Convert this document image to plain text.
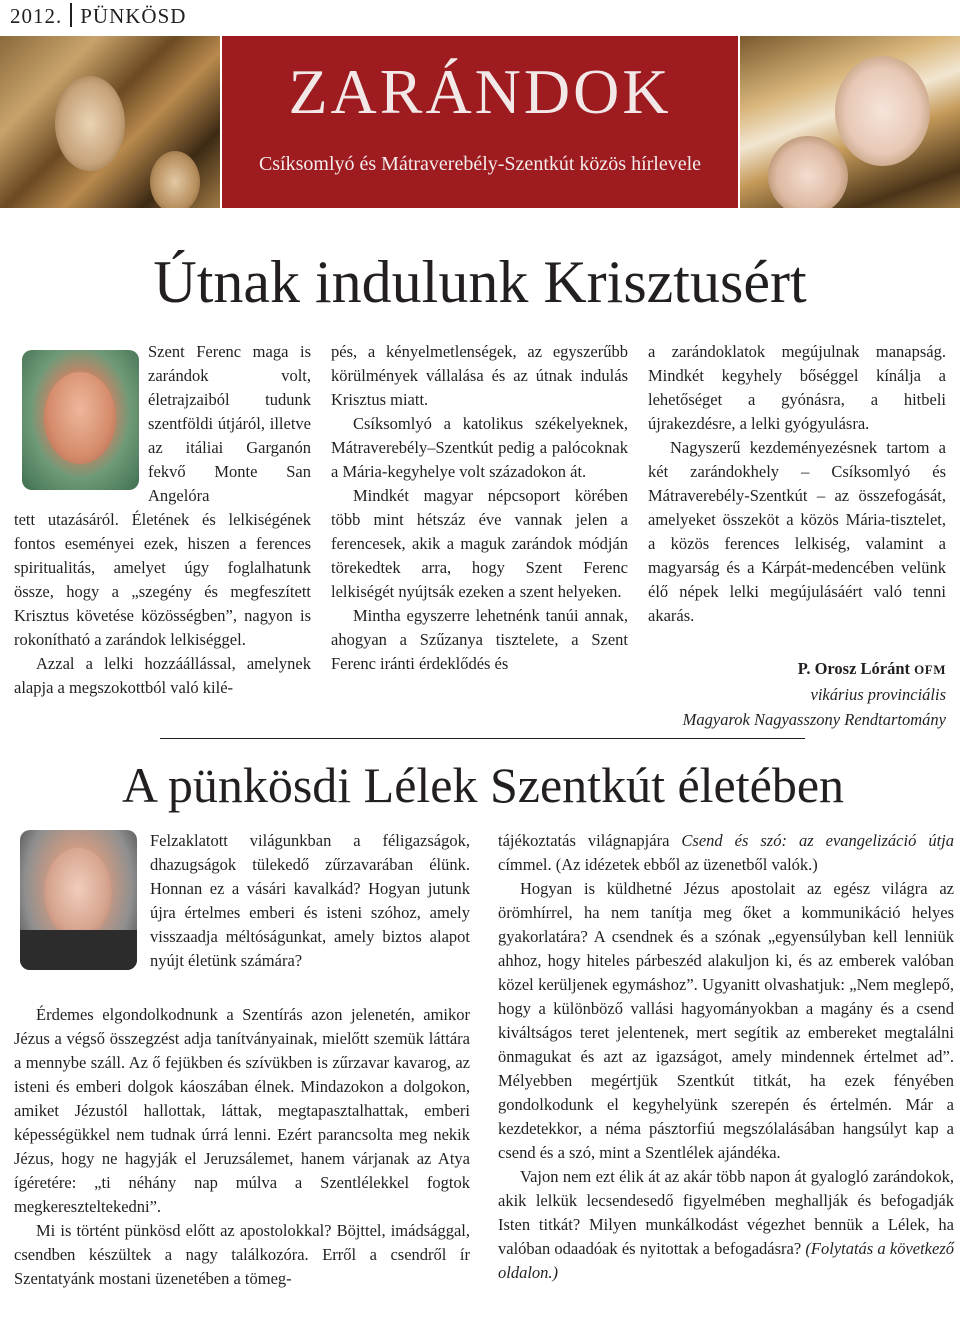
2012. PÜNKÖSD
ZARÁNDOK
Csíksomlyó és Mátraverebély-Szentkút közös hírlevele
Útnak indulunk Krisztusért

Szent Ferenc maga is zarándok volt, életrajzaiból tudunk szentföldi útjáról, illetve az itáliai Garganón fekvő Monte San Angelóra

tett utazásáról. Életének és lelkiségének fontos eseményei ezek, hiszen a ferences spiritualitás, amelyet úgy foglalhatunk össze, hogy a „szegény és megfeszített Krisztus követése közösségben”, nagyon is rokonítható a zarándok lelkiséggel.

Azzal a lelki hozzáállással, amelynek alapja a megszokottból való kilé-

pés, a kényelmetlenségek, az egyszerűbb körülmények vállalása és az útnak indulás Krisztus miatt.

Csíksomlyó a katolikus székelyeknek, Mátraverebély–Szentkút pedig a palócoknak a Mária-kegyhelye volt századokon át.

Mindkét magyar népcsoport körében több mint hétszáz éve vannak jelen a ferencesek, akik a maguk zarándok módján törekedtek arra, hogy Szent Ferenc lelkiségét nyújtsák ezeken a szent helyeken.

Mintha egyszerre lehetnénk tanúi annak, ahogyan a Szűzanya tisztelete, a Szent Ferenc iránti érdeklődés és

a zarándoklatok megújulnak manapság. Mindkét kegyhely bőséggel kínálja a lehetőséget a gyónásra, a hitbeli újrakezdésre, a lelki gyógyulásra.

Nagyszerű kezdeményezésnek tartom a két zarándokhely – Csíksomlyó és Mátraverebély-Szentkút – az összefogását, amelyeket összeköt a közös Mária-tisztelet, a közös ferences lelkiség, valamint a magyarság és a Kárpát-medencében velünk élő népek lelki megújulásáért való tenni akarás.

P. Orosz Lóránt OFM
vikárius provinciális
Magyarok Nagyasszony Rendtartomány
A pünkösdi Lélek Szentkút életében

Felzaklatott világunkban a féligazságok, dhazugságok tülekedő zűrzavarában élünk. Honnan ez a vásári kavalkád? Hogyan jutunk újra értelmes emberi és isteni szóhoz, amely visszaadja méltóságunkat, amely biztos alapot nyújt életünk számára?

Érdemes elgondolkodnunk a Szentírás azon jelenetén, amikor Jézus a végső összegzést adja tanítványainak, mielőtt szemük láttára a mennybe száll. Az ő fejükben és szívükben is zűrzavar kavarog, az isteni és emberi dolgok káoszában élnek. Mindazokon a dolgokon, amiket Jézustól hallottak, láttak, megtapasztalhattak, emberi képességükkel nem tudnak úrrá lenni. Ezért parancsolta meg nekik Jézus, hogy ne hagyják el Jeruzsálemet, hanem várjanak az Atya ígéretére: „ti néhány nap múlva a Szentlélekkel fogtok megkereszteltekedni”.

Mi is történt pünkösd előtt az apostolokkal? Böjttel, imádsággal, csendben készültek a nagy találkozóra. Erről a csendről ír Szentatyánk mostani üzenetében a tömeg-

tájékoztatás világnapjára Csend és szó: az evangelizáció útja címmel. (Az idézetek ebből az üzenetből valók.)

Hogyan is küldhetné Jézus apostolait az egész világra az örömhírrel, ha nem tanítja meg őket a kommunikáció helyes gyakorlatára? A csendnek és a szónak „egyensúlyban kell lenniük ahhoz, hogy hiteles párbeszéd alakuljon ki, és az emberek valóban közel kerüljenek egymáshoz”. Ugyanitt olvashatjuk: „Nem meglepő, hogy a különböző vallási hagyományokban a magány és a csend kiváltságos teret jelentenek, mert segítik az embereket megtalálni önmagukat és azt az igazságot, amely mindennek értelmet ad”. Mélyebben megértjük Szentkút titkát, ha ezek fényében gondolkodunk el kegyhelyünk szerepén és értelmén. Már a kezdetekkor, a néma pásztorfiú megszólalásában hangsúlyt kap a csend és a szó, mint a Szentlélek ajándéka.

Vajon nem ezt élik át az akár több napon át gyalogló zarándokok, akik lelkük lecsendesedő figyelmében meghallják és befogadják Isten titkát? Milyen munkálkodást végezhet bennük a Lélek, ha valóban odaadóak és nyitottak a befogadásra? (Folytatás a következő oldalon.)
